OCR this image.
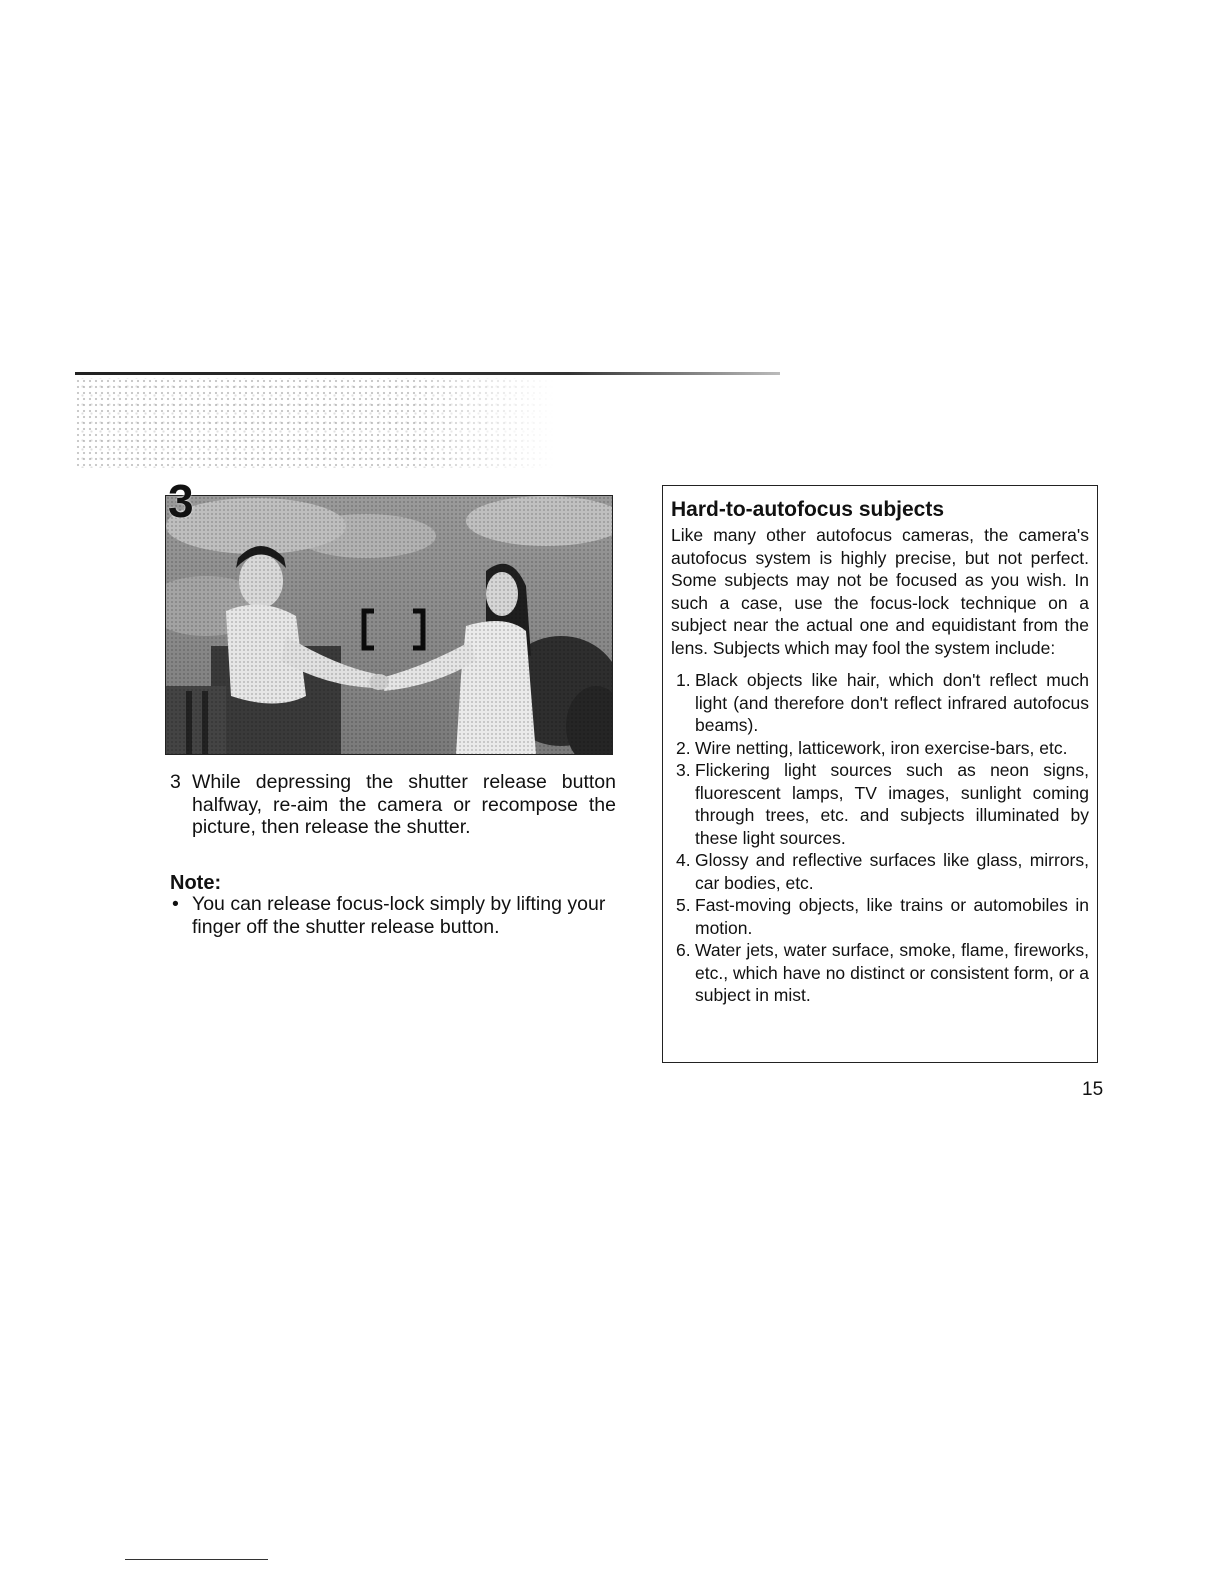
3
3 While depressing the shutter release button halfway, re-aim the camera or recompose the picture, then release the shutter.
Note:
• You can release focus-lock simply by lifting your finger off the shutter release button.
Hard-to-autofocus subjects

Like many other autofocus cameras, the camera's autofocus system is highly precise, but not perfect. Some subjects may not be focused as you wish. In such a case, use the focus-lock technique on a subject near the actual one and equidistant from the lens. Subjects which may fool the system include:

1. Black objects like hair, which don't reflect much light (and therefore don't reflect infrared autofocus beams).
2. Wire netting, latticework, iron exercise-bars, etc.
3. Flickering light sources such as neon signs, fluorescent lamps, TV images, sunlight coming through trees, etc. and subjects illuminated by these light sources.
4. Glossy and reflective surfaces like glass, mirrors, car bodies, etc.
5. Fast-moving objects, like trains or automobiles in motion.
6. Water jets, water surface, smoke, flame, fireworks, etc., which have no distinct or consistent form, or a subject in mist.
15
